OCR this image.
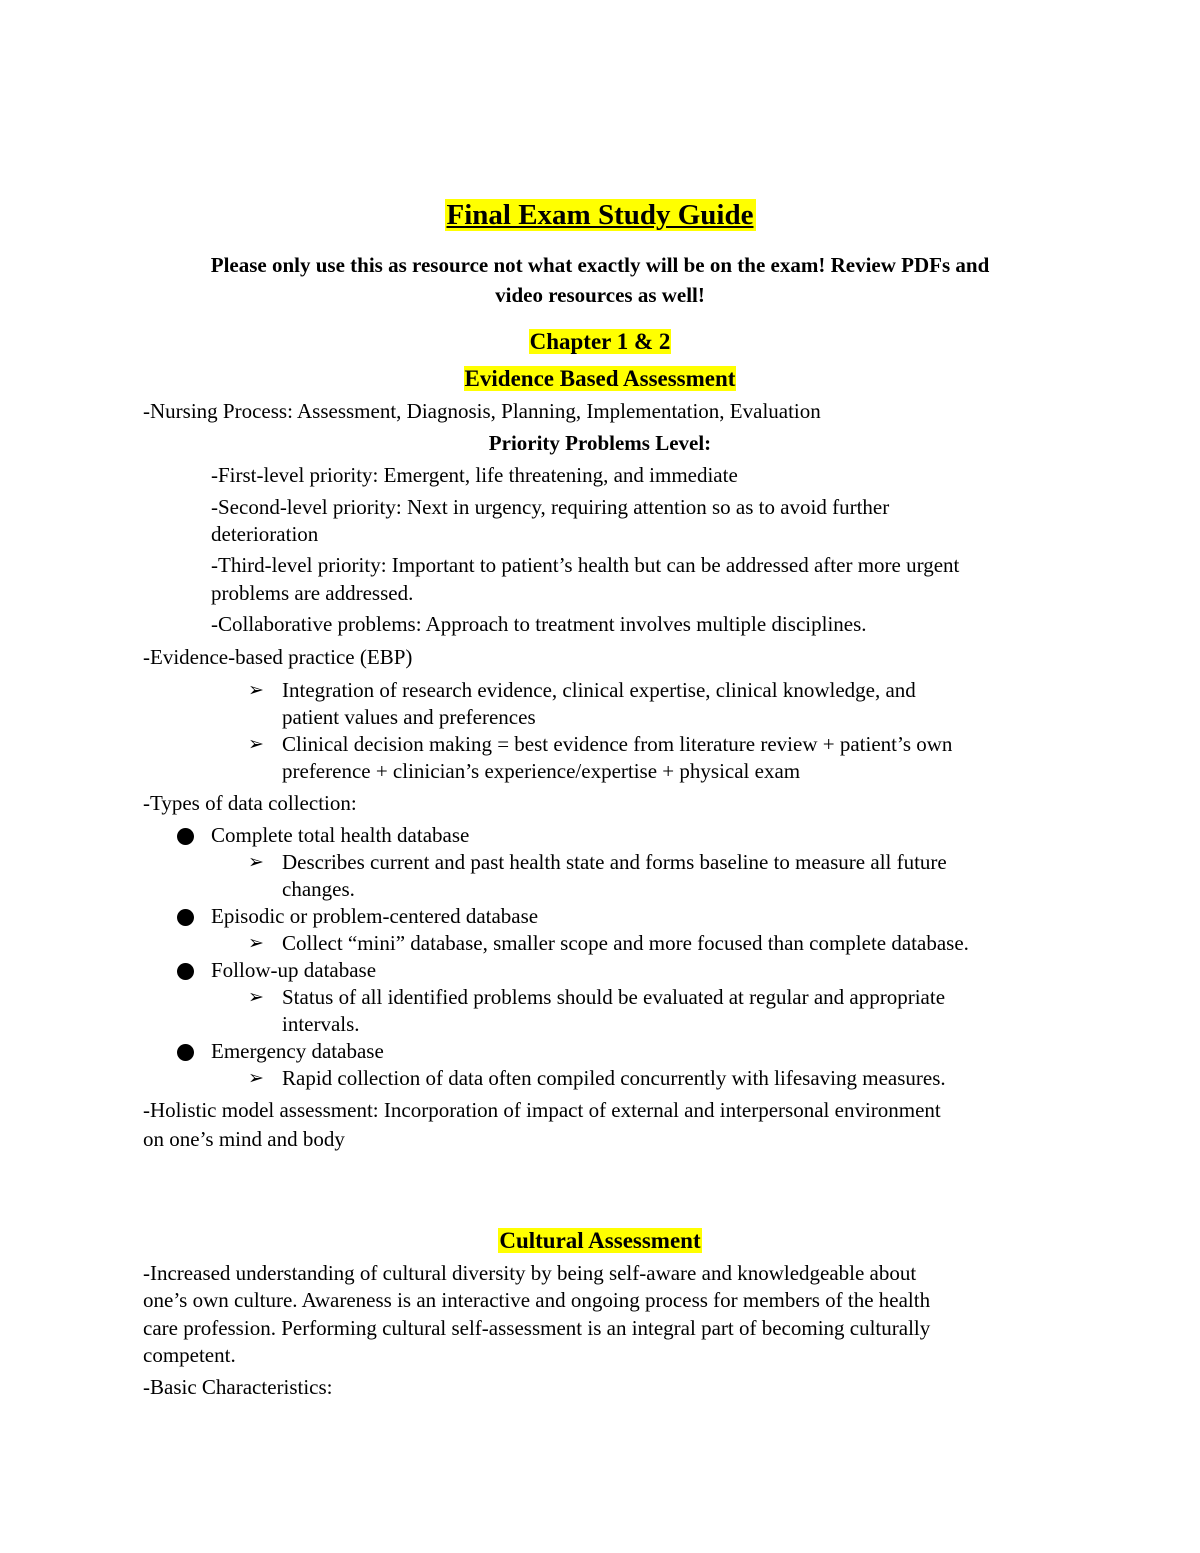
Final Exam Study Guide
Please only use this as resource not what exactly will be on the exam! Review PDFs and
video resources as well!
Chapter 1 & 2
Evidence Based Assessment
-Nursing Process: Assessment, Diagnosis, Planning, Implementation, Evaluation
Priority Problems Level:
-First-level priority: Emergent, life threatening, and immediate
-Second-level priority: Next in urgency, requiring attention so as to avoid further
deterioration
-Third-level priority: Important to patient’s health but can be addressed after more urgent
problems are addressed.
-Collaborative problems: Approach to treatment involves multiple disciplines.
-Evidence-based practice (EBP)
➢ Integration of research evidence, clinical expertise, clinical knowledge, and
patient values and preferences
➢ Clinical decision making = best evidence from literature review + patient’s own
preference + clinician’s experience/expertise + physical exam
-Types of data collection:
Complete total health database
➢ Describes current and past health state and forms baseline to measure all future
changes.
Episodic or problem-centered database
➢ Collect “mini” database, smaller scope and more focused than complete database.
Follow-up database
➢ Status of all identified problems should be evaluated at regular and appropriate
intervals.
Emergency database
➢ Rapid collection of data often compiled concurrently with lifesaving measures.
-Holistic model assessment: Incorporation of impact of external and interpersonal environment
on one’s mind and body
Cultural Assessment
-Increased understanding of cultural diversity by being self-aware and knowledgeable about
one’s own culture. Awareness is an interactive and ongoing process for members of the health
care profession. Performing cultural self-assessment is an integral part of becoming culturally
competent.
-Basic Characteristics:
